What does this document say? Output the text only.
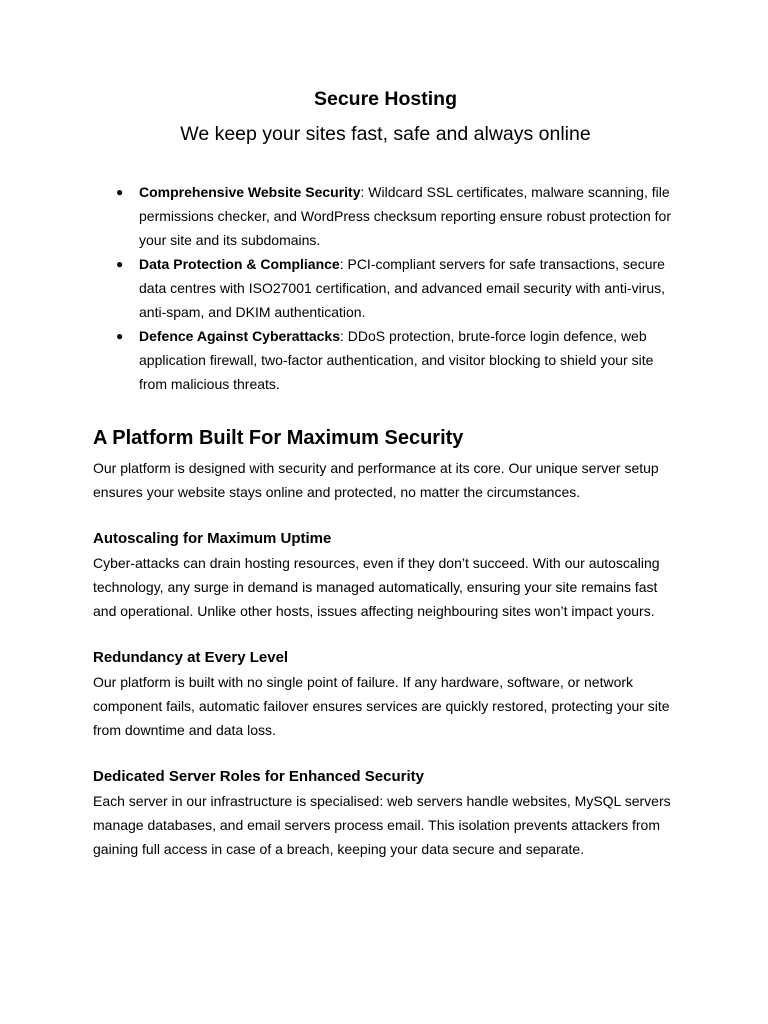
Secure Hosting
We keep your sites fast, safe and always online
● Comprehensive Website Security: Wildcard SSL certificates, malware scanning, file permissions checker, and WordPress checksum reporting ensure robust protection for your site and its subdomains.
● Data Protection & Compliance: PCI-compliant servers for safe transactions, secure data centres with ISO27001 certification, and advanced email security with anti-virus, anti-spam, and DKIM authentication.
● Defence Against Cyberattacks: DDoS protection, brute-force login defence, web application firewall, two-factor authentication, and visitor blocking to shield your site from malicious threats.
A Platform Built For Maximum Security

Our platform is designed with security and performance at its core. Our unique server setup ensures your website stays online and protected, no matter the circumstances.

Autoscaling for Maximum Uptime

Cyber-attacks can drain hosting resources, even if they don’t succeed. With our autoscaling technology, any surge in demand is managed automatically, ensuring your site remains fast and operational. Unlike other hosts, issues affecting neighbouring sites won’t impact yours.

Redundancy at Every Level

Our platform is built with no single point of failure. If any hardware, software, or network component fails, automatic failover ensures services are quickly restored, protecting your site from downtime and data loss.

Dedicated Server Roles for Enhanced Security

Each server in our infrastructure is specialised: web servers handle websites, MySQL servers manage databases, and email servers process email. This isolation prevents attackers from gaining full access in case of a breach, keeping your data secure and separate.
